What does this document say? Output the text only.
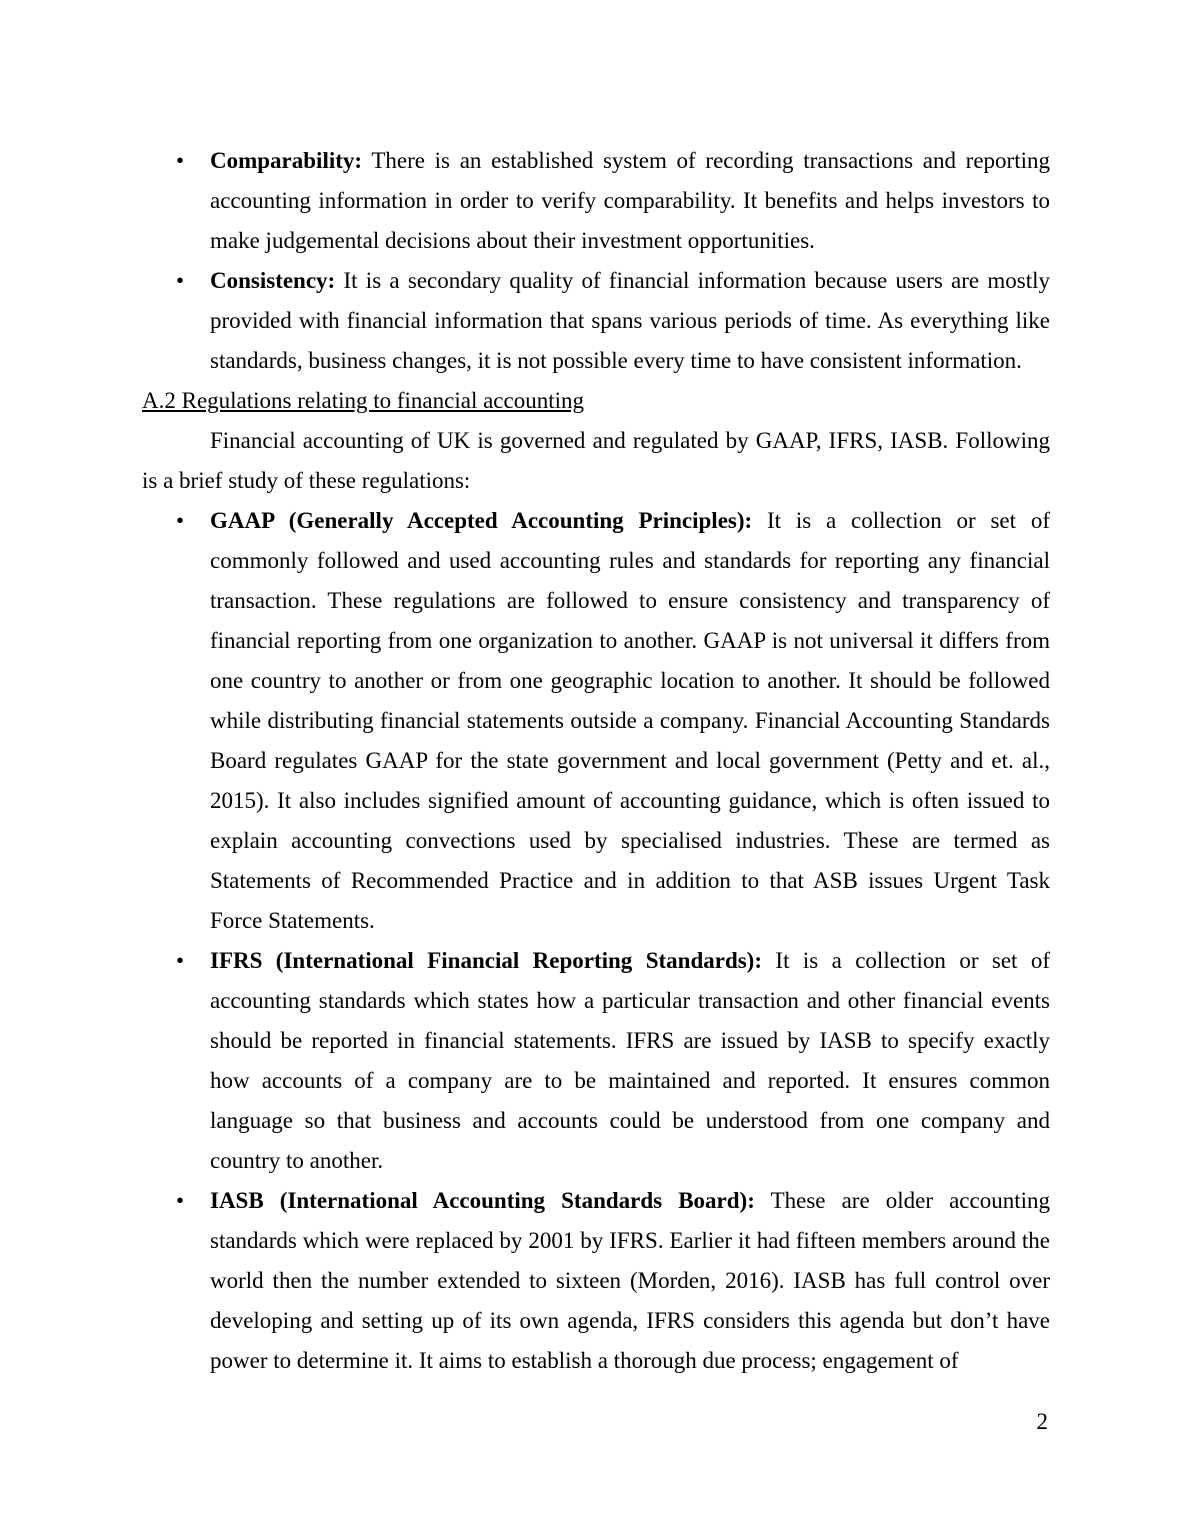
• Comparability: There is an established system of recording transactions and reporting accounting information in order to verify comparability. It benefits and helps investors to make judgemental decisions about their investment opportunities.
• Consistency: It is a secondary quality of financial information because users are mostly provided with financial information that spans various periods of time. As everything like standards, business changes, it is not possible every time to have consistent information.
A.2 Regulations relating to financial accounting

Financial accounting of UK is governed and regulated by GAAP, IFRS, IASB. Following is a brief study of these regulations:

• GAAP (Generally Accepted Accounting Principles): It is a collection or set of commonly followed and used accounting rules and standards for reporting any financial transaction. These regulations are followed to ensure consistency and transparency of financial reporting from one organization to another. GAAP is not universal it differs from one country to another or from one geographic location to another. It should be followed while distributing financial statements outside a company. Financial Accounting Standards Board regulates GAAP for the state government and local government (Petty and et. al., 2015). It also includes signified amount of accounting guidance, which is often issued to explain accounting convections used by specialised industries. These are termed as Statements of Recommended Practice and in addition to that ASB issues Urgent Task Force Statements.
• IFRS (International Financial Reporting Standards): It is a collection or set of accounting standards which states how a particular transaction and other financial events should be reported in financial statements. IFRS are issued by IASB to specify exactly how accounts of a company are to be maintained and reported. It ensures common language so that business and accounts could be understood from one company and country to another.
• IASB (International Accounting Standards Board): These are older accounting standards which were replaced by 2001 by IFRS. Earlier it had fifteen members around the world then the number extended to sixteen (Morden, 2016). IASB has full control over developing and setting up of its own agenda, IFRS considers this agenda but don’t have power to determine it. It aims to establish a thorough due process; engagement of
2
